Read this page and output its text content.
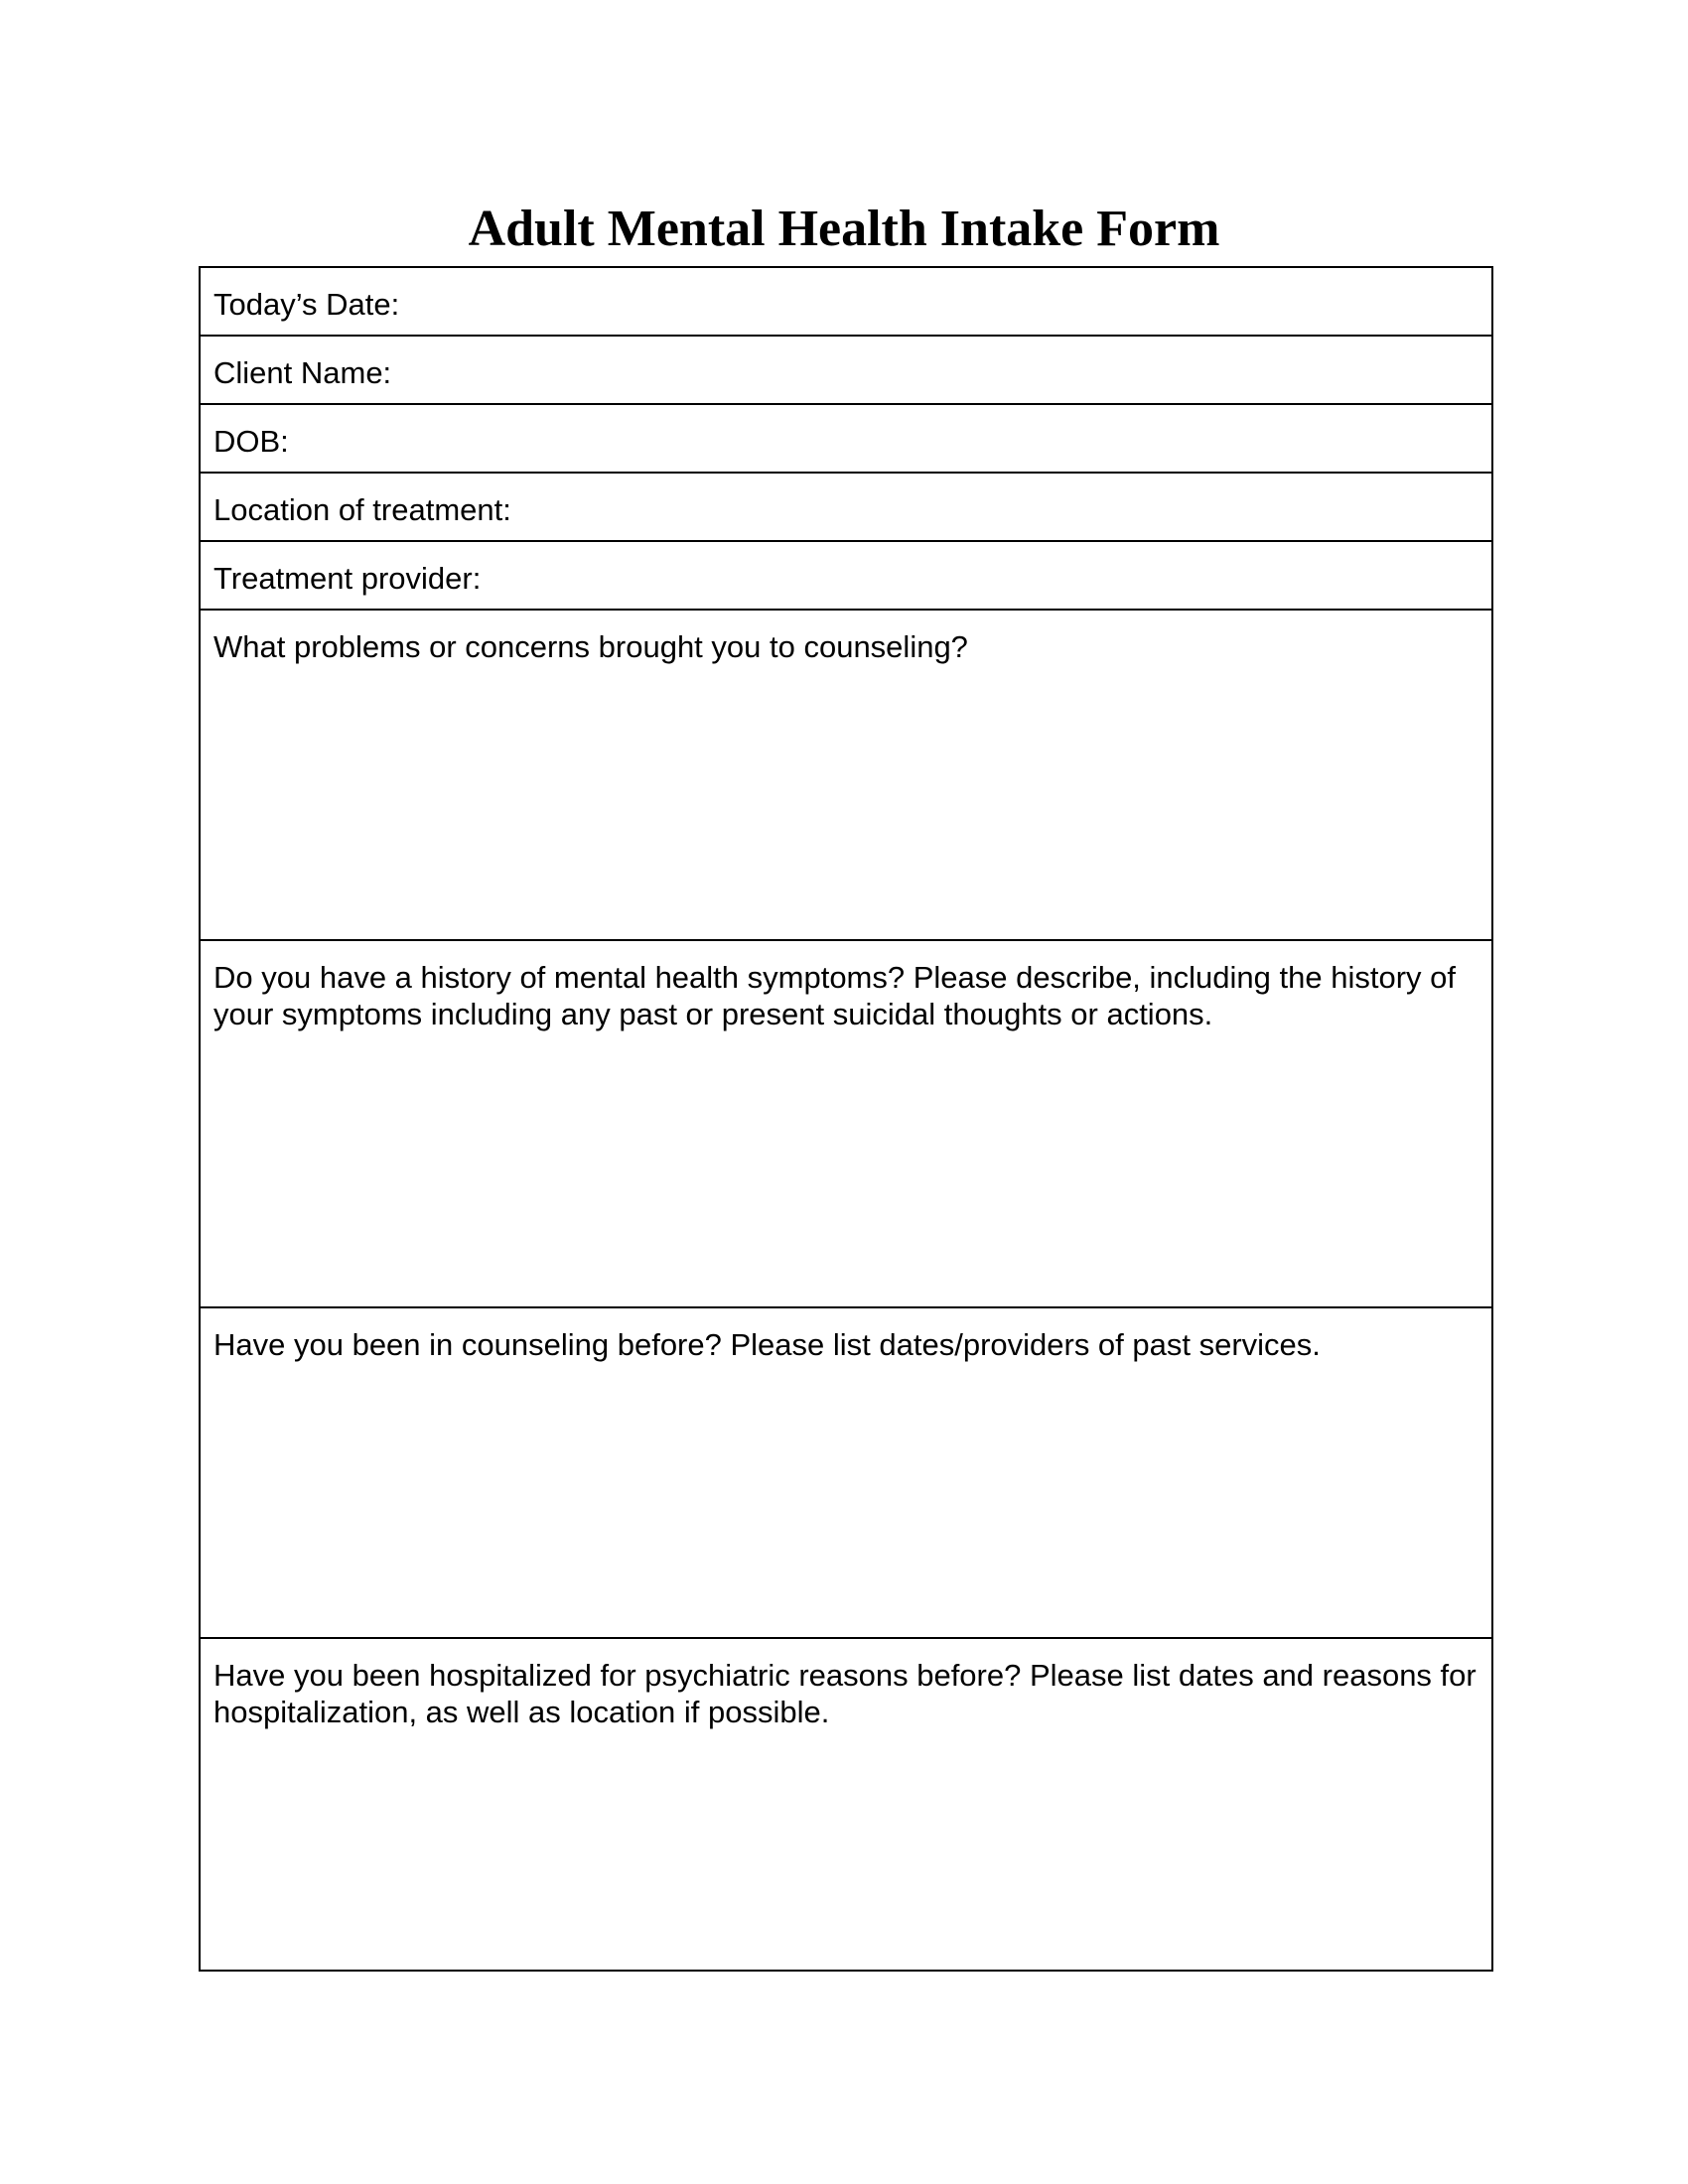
Adult Mental Health Intake Form
Today’s Date:
Client Name:
DOB:
Location of treatment:
Treatment provider:
What problems or concerns brought you to counseling?
Do you have a history of mental health symptoms? Please describe, including the history of your symptoms including any past or present suicidal thoughts or actions.
Have you been in counseling before? Please list dates/providers of past services.
Have you been hospitalized for psychiatric reasons before? Please list dates and reasons for hospitalization, as well as location if possible.
